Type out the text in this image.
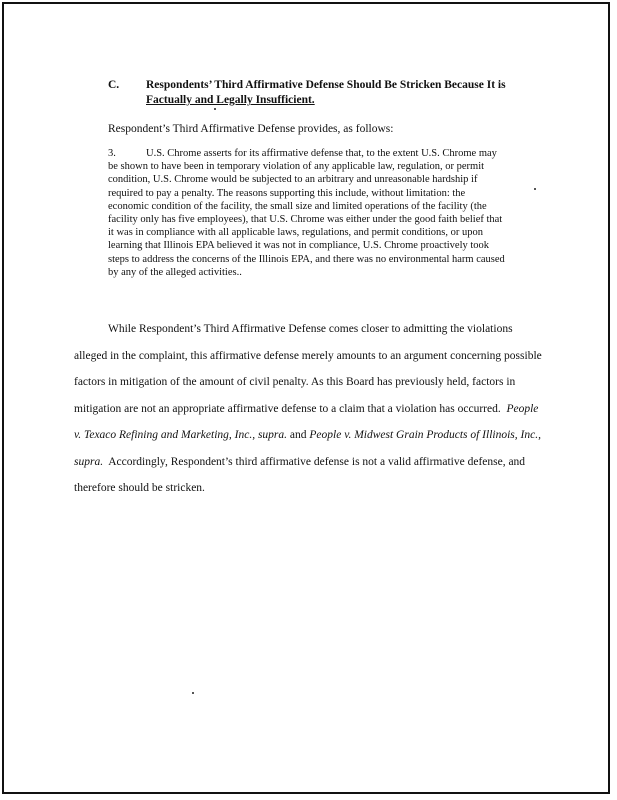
C. Respondents’ Third Affirmative Defense Should Be Stricken Because It is
Factually and Legally Insufficient.
Respondent’s Third Affirmative Defense provides, as follows:
3.	U.S. Chrome asserts for its affirmative defense that, to the extent U.S. Chrome may be shown to have been in temporary violation of any applicable law, regulation, or permit condition, U.S. Chrome would be subjected to an arbitrary and unreasonable hardship if required to pay a penalty. The reasons supporting this include, without limitation: the economic condition of the facility, the small size and limited operations of the facility (the facility only has five employees), that U.S. Chrome was either under the good faith belief that it was in compliance with all applicable laws, regulations, and permit conditions, or upon learning that Illinois EPA believed it was not in compliance, U.S. Chrome proactively took steps to address the concerns of the Illinois EPA, and there was no environmental harm caused by any of the alleged activities..
While Respondent’s Third Affirmative Defense comes closer to admitting the violations alleged in the complaint, this affirmative defense merely amounts to an argument concerning possible factors in mitigation of the amount of civil penalty. As this Board has previously held, factors in mitigation are not an appropriate affirmative defense to a claim that a violation has occurred. People v. Texaco Refining and Marketing, Inc., supra. and People v. Midwest Grain Products of Illinois, Inc., supra. Accordingly, Respondent’s third affirmative defense is not a valid affirmative defense, and therefore should be stricken.
